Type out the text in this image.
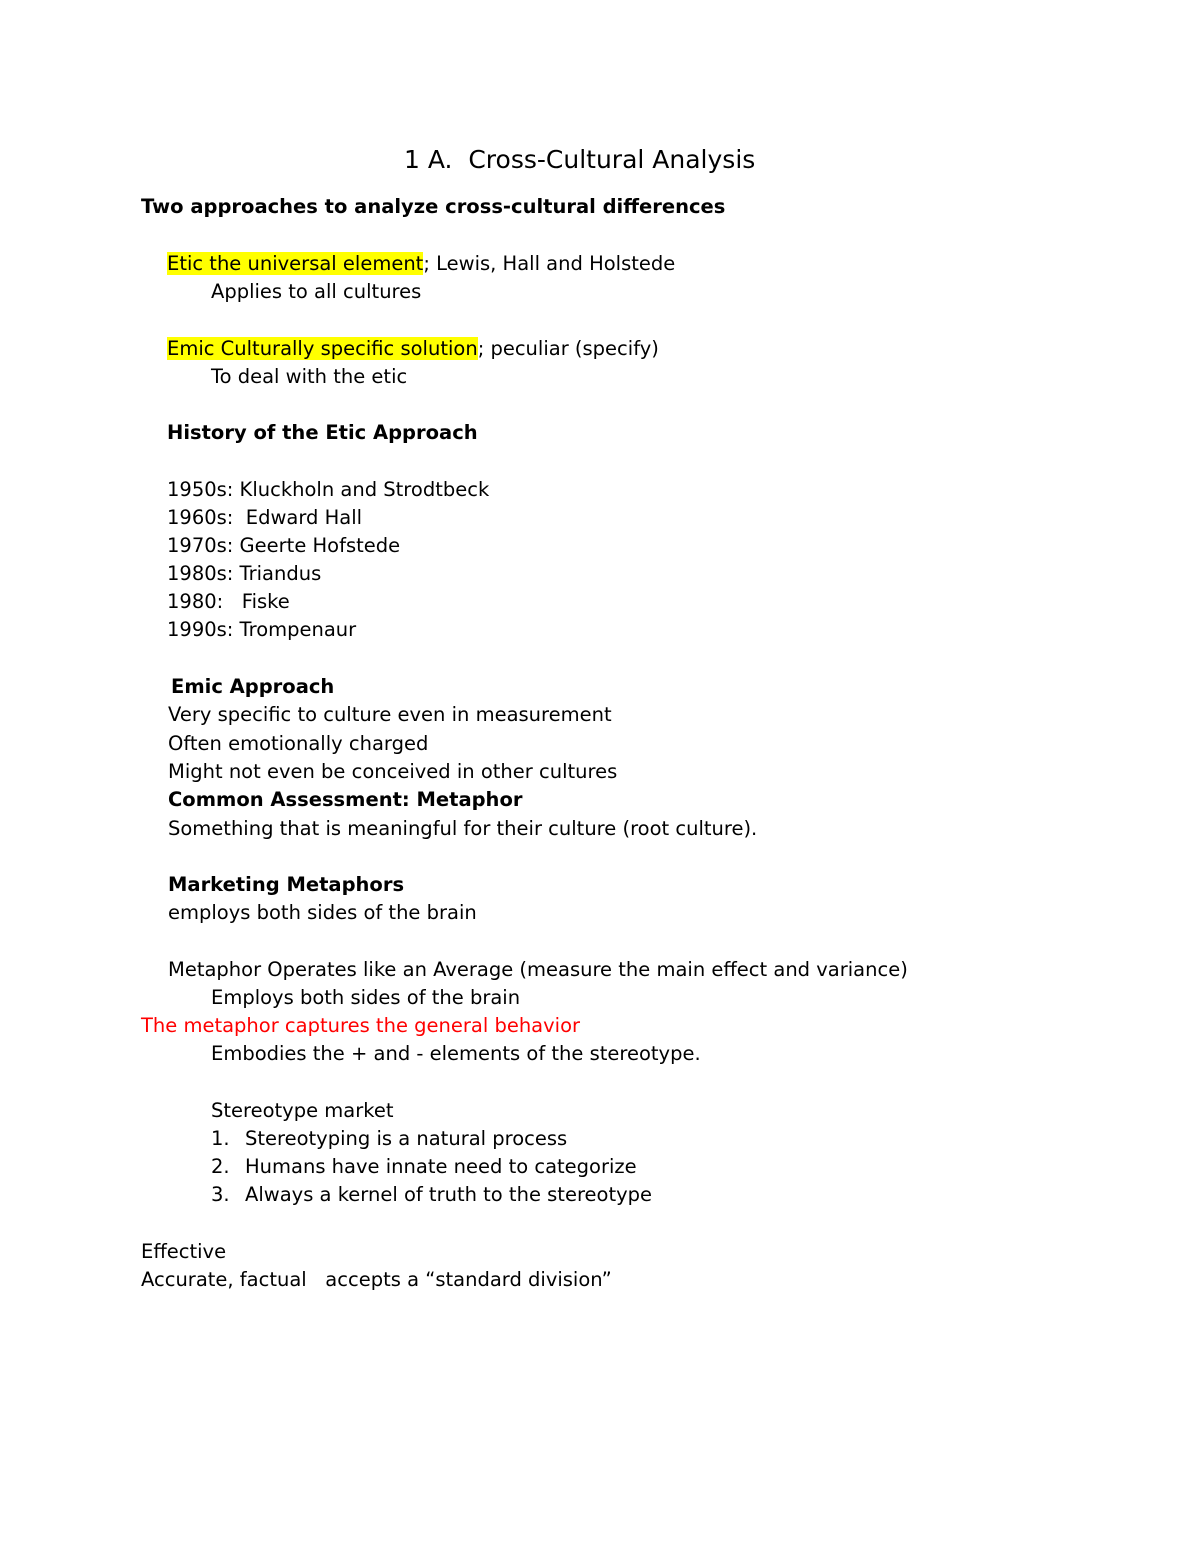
1 A.  Cross-Cultural Analysis
Two approaches to analyze cross-cultural differences
Etic the universal element; Lewis, Hall and Holstede
Applies to all cultures
Emic Culturally specific solution; peculiar (specify)
To deal with the etic
History of the Etic Approach
1950s: Kluckholn and Strodtbeck
1960s:  Edward Hall
1970s: Geerte Hofstede
1980s: Triandus
1980:   Fiske
1990s: Trompenaur
Emic Approach
Very specific to culture even in measurement
Often emotionally charged
Might not even be conceived in other cultures
Common Assessment: Metaphor
Something that is meaningful for their culture (root culture).
Marketing Metaphors
employs both sides of the brain
Metaphor Operates like an Average (measure the main effect and variance)
Employs both sides of the brain
The metaphor captures the general behavior
Embodies the + and - elements of the stereotype.
Stereotype market
1. Stereotyping is a natural process
2. Humans have innate need to categorize
3. Always a kernel of truth to the stereotype
Effective
Accurate, factual   accepts a “standard division”
